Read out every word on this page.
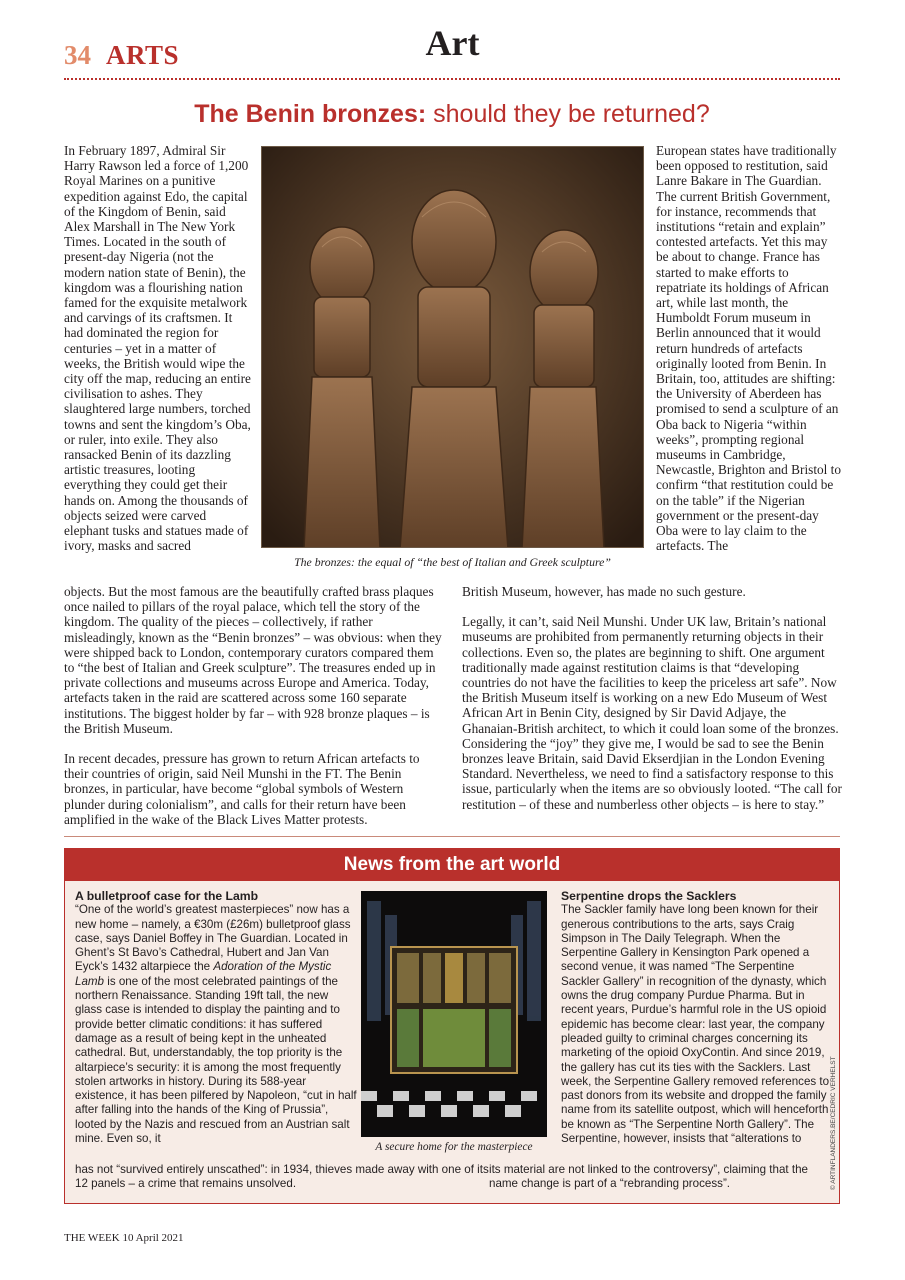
34 ARTS	Art
The Benin bronzes: should they be returned?

In February 1897, Admiral Sir Harry Rawson led a force of 1,200 Royal Marines on a punitive expedition against Edo, the capital of the Kingdom of Benin, said Alex Marshall in The New York Times. Located in the south of present-day Nigeria (not the modern nation state of Benin), the kingdom was a flourishing nation famed for the exquisite metalwork and carvings of its craftsmen. It had dominated the region for centuries – yet in a matter of weeks, the British would wipe the city off the map, reducing an entire civilisation to ashes. They slaughtered large numbers, torched towns and sent the kingdom’s Oba, or ruler, into exile. They also ransacked Benin of its dazzling artistic treasures, looting everything they could get their hands on. Among the thousands of objects seized were carved elephant tusks and statues made of ivory, masks and sacred

The bronzes: the equal of “the best of Italian and Greek sculpture”

European states have traditionally been opposed to restitution, said Lanre Bakare in The Guardian. The current British Government, for instance, recommends that institutions “retain and explain” contested artefacts. Yet this may be about to change. France has started to make efforts to repatriate its holdings of African art, while last month, the Humboldt Forum museum in Berlin announced that it would return hundreds of artefacts originally looted from Benin. In Britain, too, attitudes are shifting: the University of Aberdeen has promised to send a sculpture of an Oba back to Nigeria “within weeks”, prompting regional museums in Cambridge, Newcastle, Brighton and Bristol to confirm “that restitution could be on the table” if the Nigerian government or the present-day Oba were to lay claim to the artefacts. The

objects. But the most famous are the beautifully crafted brass plaques once nailed to pillars of the royal palace, which tell the story of the kingdom. The quality of the pieces – collectively, if rather misleadingly, known as the “Benin bronzes” – was obvious: when they were shipped back to London, contemporary curators compared them to “the best of Italian and Greek sculpture”. The treasures ended up in private collections and museums across Europe and America. Today, artefacts taken in the raid are scattered across some 160 separate institutions. The biggest holder by far – with 928 bronze plaques – is the British Museum.

In recent decades, pressure has grown to return African artefacts to their countries of origin, said Neil Munshi in the FT. The Benin bronzes, in particular, have become “global symbols of Western plunder during colonialism”, and calls for their return have been amplified in the wake of the Black Lives Matter protests.

British Museum, however, has made no such gesture.

Legally, it can’t, said Neil Munshi. Under UK law, Britain’s national museums are prohibited from permanently returning objects in their collections. Even so, the plates are beginning to shift. One argument traditionally made against restitution claims is that “developing countries do not have the facilities to keep the priceless art safe”. Now the British Museum itself is working on a new Edo Museum of West African Art in Benin City, designed by Sir David Adjaye, the Ghanaian-British architect, to which it could loan some of the bronzes. Considering the “joy” they give me, I would be sad to see the Benin bronzes leave Britain, said David Ekserdjian in the London Evening Standard. Nevertheless, we need to find a satisfactory response to this issue, particularly when the items are so obviously looted. “The call for restitution – of these and numberless other objects – is here to stay.”

News from the art world
A bulletproof case for the Lamb
“One of the world’s greatest masterpieces” now has a new home – namely, a €30m (£26m) bulletproof glass case, says Daniel Boffey in The Guardian. Located in Ghent’s St Bavo’s Cathedral, Hubert and Jan Van Eyck’s 1432 altarpiece the Adoration of the Mystic Lamb is one of the most celebrated paintings of the northern Renaissance. Standing 19ft tall, the new glass case is intended to display the painting and to provide better climatic conditions: it has suffered damage as a result of being kept in the unheated cathedral. But, understandably, the top priority is the altarpiece’s security: it is among the most frequently stolen artworks in history. During its 588-year existence, it has been pilfered by Napoleon, “cut in half after falling into the hands of the King of Prussia”, looted by the Nazis and rescued from an Austrian salt mine. Even so, it
A secure home for the masterpiece
has not “survived entirely unscathed”: in 1934, thieves made away with one of its 12 panels – a crime that remains unsolved.
Serpentine drops the Sacklers
The Sackler family have long been known for their generous contributions to the arts, says Craig Simpson in The Daily Telegraph. When the Serpentine Gallery in Kensington Park opened a second venue, it was named “The Serpentine Sackler Gallery” in recognition of the dynasty, which owns the drug company Purdue Pharma. But in recent years, Purdue’s harmful role in the US opioid epidemic has become clear: last year, the company pleaded guilty to criminal charges concerning its marketing of the opioid OxyContin. And since 2019, the gallery has cut its ties with the Sacklers. Last week, the Serpentine Gallery removed references to past donors from its website and dropped the family name from its satellite outpost, which will henceforth be known as “The Serpentine North Gallery”. The Serpentine, however, insists that “alterations to
its material are not linked to the controversy”, claiming that the name change is part of a “rebranding process”.	© ARTINFLANDERS.BE/CEDRIC VERHELST
THE WEEK 10 April 2021
